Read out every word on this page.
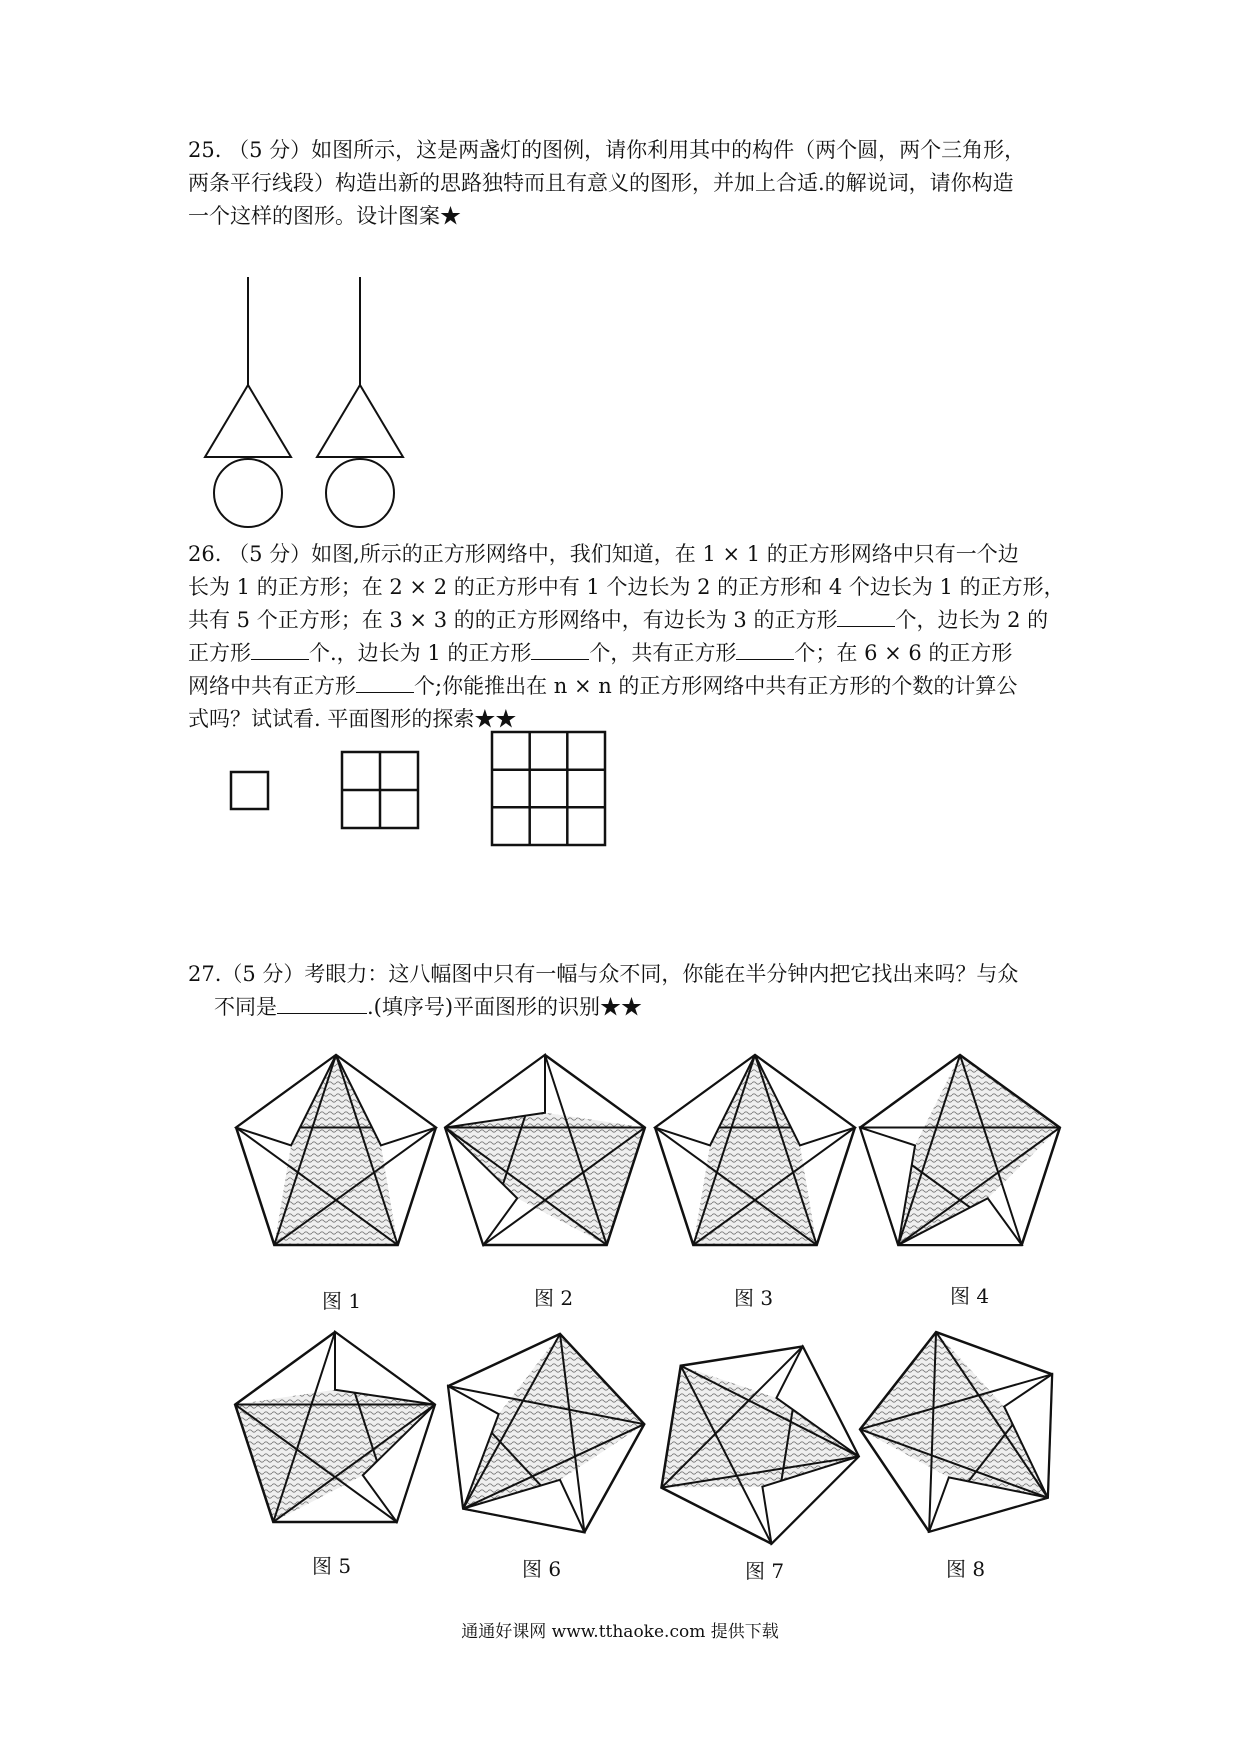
25. （5 分）如图所示，这是两盏灯的图例，请你利用其中的构件（两个圆，两个三角形，
两条平行线段）构造出新的思路独特而且有意义的图形，并加上合适.的解说词，请你构造
一个这样的图形。设计图案★
26. （5 分）如图,所示的正方形网络中，我们知道，在 1 × 1 的正方形网络中只有一个边
长为 1 的正方形；在 2 × 2 的正方形中有 1 个边长为 2 的正方形和 4 个边长为 1 的正方形，
共有 5 个正方形；在 3 × 3 的的正方形网络中，有边长为 3 的正方形	个，边长为 2 的
正方形	个.，边长为 1 的正方形	个，共有正方形	个；在 6 × 6 的正方形
网络中共有正方形	个;你能推出在 n × n 的正方形网络中共有正方形的个数的计算公
式吗？试试看. 平面图形的探索★★
27.（5 分）考眼力：这八幅图中只有一幅与众不同，你能在半分钟内把它找出来吗？与众
不同是	.(填序号)平面图形的识别★★
图 1	图 2	图 3	图 4
图 5	图 6	图 7	图 8
通通好课网 www.tthaoke.com 提供下载
